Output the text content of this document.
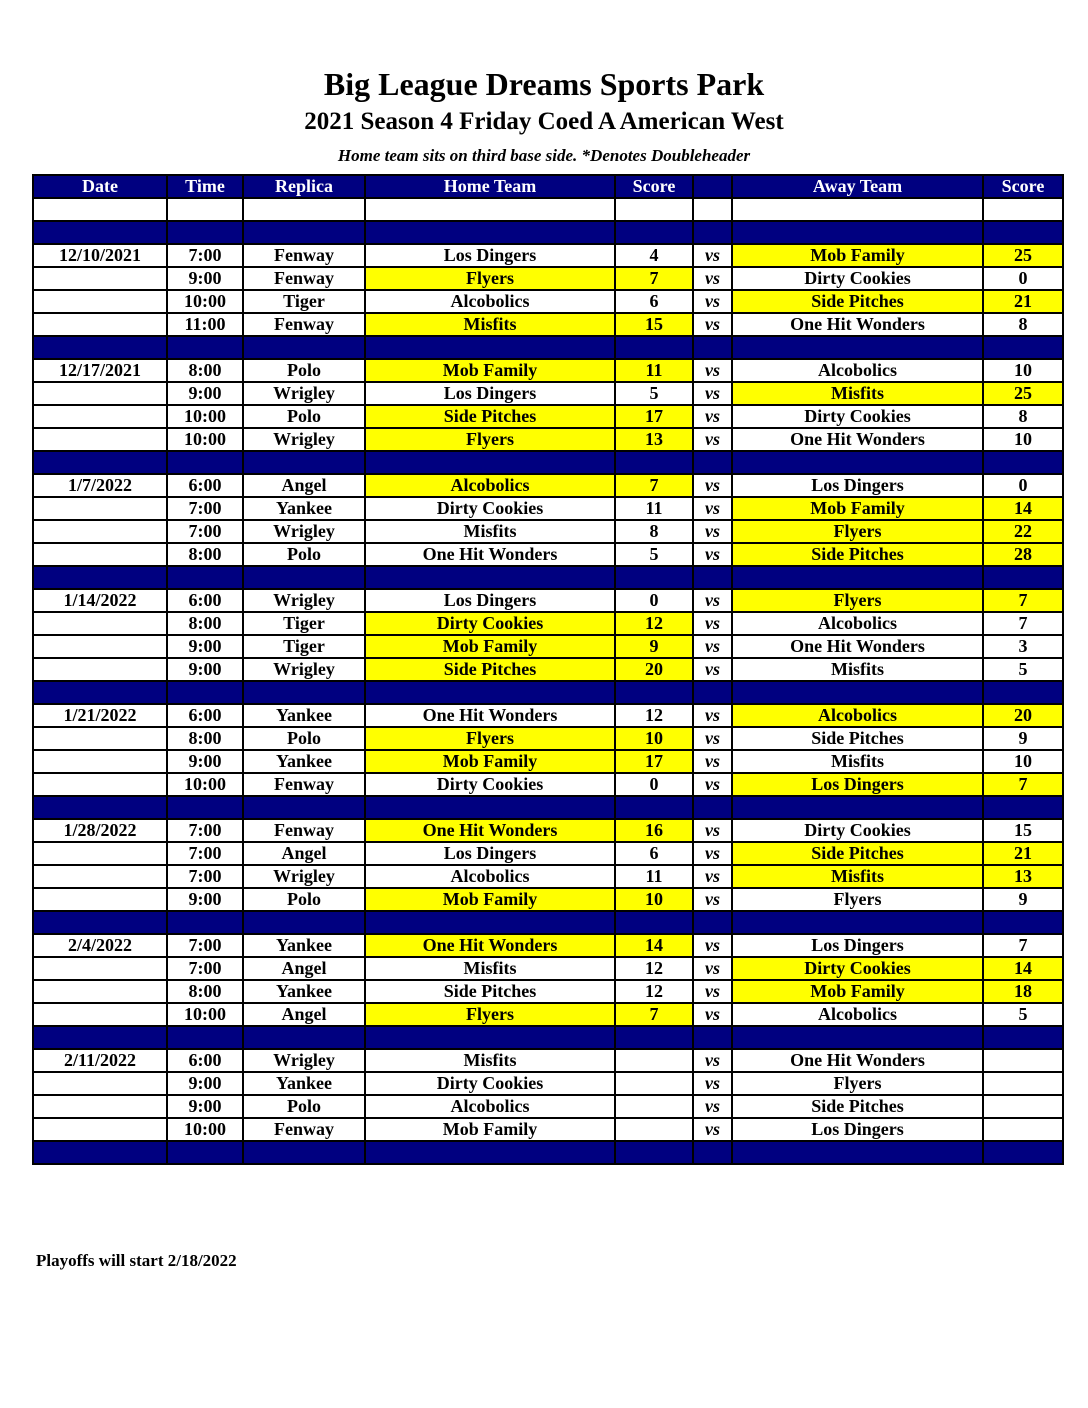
Big League Dreams Sports Park
2021 Season 4 Friday Coed A American West
Home team sits on third base side. *Denotes Doubleheader
Date	Time	Replica	Home Team	Score		Away Team	Score

12/10/2021	7:00	Fenway	Los Dingers	4	vs	Mob Family	25
	9:00	Fenway	Flyers	7	vs	Dirty Cookies	0
	10:00	Tiger	Alcobolics	6	vs	Side Pitches	21
	11:00	Fenway	Misfits	15	vs	One Hit Wonders	8

12/17/2021	8:00	Polo	Mob Family	11	vs	Alcobolics	10
	9:00	Wrigley	Los Dingers	5	vs	Misfits	25
	10:00	Polo	Side Pitches	17	vs	Dirty Cookies	8
	10:00	Wrigley	Flyers	13	vs	One Hit Wonders	10

1/7/2022	6:00	Angel	Alcobolics	7	vs	Los Dingers	0
	7:00	Yankee	Dirty Cookies	11	vs	Mob Family	14
	7:00	Wrigley	Misfits	8	vs	Flyers	22
	8:00	Polo	One Hit Wonders	5	vs	Side Pitches	28

1/14/2022	6:00	Wrigley	Los Dingers	0	vs	Flyers	7
	8:00	Tiger	Dirty Cookies	12	vs	Alcobolics	7
	9:00	Tiger	Mob Family	9	vs	One Hit Wonders	3
	9:00	Wrigley	Side Pitches	20	vs	Misfits	5

1/21/2022	6:00	Yankee	One Hit Wonders	12	vs	Alcobolics	20
	8:00	Polo	Flyers	10	vs	Side Pitches	9
	9:00	Yankee	Mob Family	17	vs	Misfits	10
	10:00	Fenway	Dirty Cookies	0	vs	Los Dingers	7

1/28/2022	7:00	Fenway	One Hit Wonders	16	vs	Dirty Cookies	15
	7:00	Angel	Los Dingers	6	vs	Side Pitches	21
	7:00	Wrigley	Alcobolics	11	vs	Misfits	13
	9:00	Polo	Mob Family	10	vs	Flyers	9

2/4/2022	7:00	Yankee	One Hit Wonders	14	vs	Los Dingers	7
	7:00	Angel	Misfits	12	vs	Dirty Cookies	14
	8:00	Yankee	Side Pitches	12	vs	Mob Family	18
	10:00	Angel	Flyers	7	vs	Alcobolics	5

2/11/2022	6:00	Wrigley	Misfits		vs	One Hit Wonders	
	9:00	Yankee	Dirty Cookies		vs	Flyers	
	9:00	Polo	Alcobolics		vs	Side Pitches	
	10:00	Fenway	Mob Family		vs	Los Dingers	

Playoffs will start 2/18/2022
